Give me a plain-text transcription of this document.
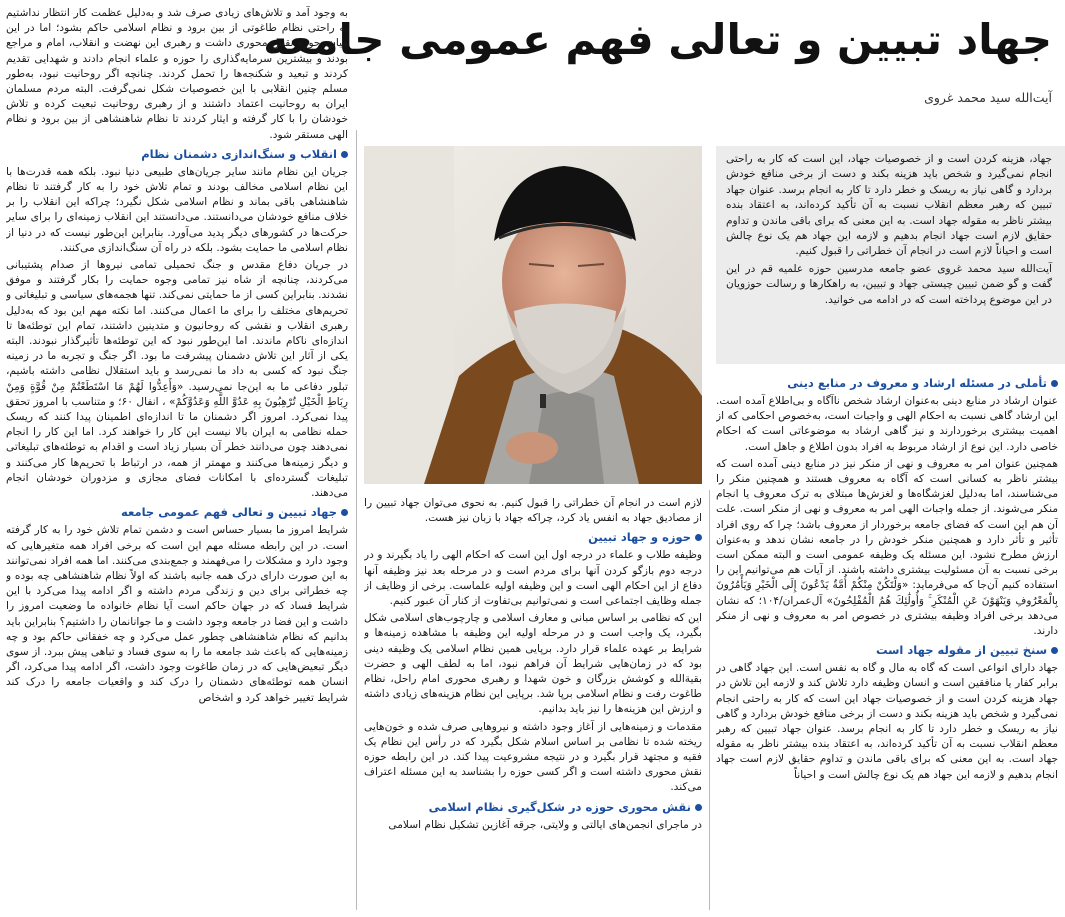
جهاد تبیین و تعالی فهم عمومی جامعه
آیت‌الله سید محمد غروی

به وجود آمد و تلاش‌های زیادی صرف شد و به‌دلیل عظمت کار انتظار نداشتیم به راحتی نظام طاغوتی از بین برود و نظام اسلامی حاکم بشود؛ اما در این میان، حوزه نقش محوری داشت و رهبری این نهضت و انقلاب، امام و مراجع بودند و بیشترین سرمایه‌گذاری را حوزه و علماء انجام دادند و شهدایی تقدیم کردند و تبعید و شکنجه‌ها را تحمل کردند. چنانچه اگر روحانیت نبود، به‌طور مسلم چنین انقلابی با این خصوصیات شکل نمی‌گرفت. البته مردم مسلمان ایران به روحانیت اعتماد داشتند و از رهبری روحانیت تبعیت کرده و تلاش خودشان را با کار گرفته و ایثار کردند تا نظام شاهنشاهی از بین برود و نظام الهی مستقر شود.

انقلاب و سنگ‌اندازی دشمنان نظام

جریان این نظام مانند سایر جریان‌های طبیعی دنیا نبود. بلکه همه قدرت‌ها با این نظام اسلامی مخالف بودند و تمام تلاش خود را به کار گرفتند تا نظام شاهنشاهی باقی بماند و نظام اسلامی شکل نگیرد؛ چراکه این انقلاب را بر خلاف منافع خودشان می‌دانستند. می‌دانستند این انقلاب زمینه‌ای را برای سایر حرکت‌ها در کشورهای دیگر پدید می‌آورد. بنابراین این‌طور نیست که در دنیا از نظام اسلامی ما حمایت بشود. بلکه در راه آن سنگ‌اندازی می‌کنند.

در جریان دفاع مقدس و جنگ تحمیلی تمامی نیروها از صدام پشتیبانی می‌کردند، چنانچه از شاه نیز تمامی وجوه حمایت را بکار گرفتند و موفق نشدند. بنابراین کسی از ما حمایتی نمی‌کند. تنها هجمه‌های سیاسی و تبلیغاتی و تحریم‌های مختلف را برای ما اعمال می‌کنند. اما نکته مهم این بود که به‌دلیل رهبری انقلاب و نقشی که روحانیون و متدینین داشتند، تمام این توطئه‌ها تا اندازه‌ای ناکام ماندند. اما این‌طور نبود که این توطئه‌ها تأثیرگذار نبودند. البته یکی از آثار این تلاش دشمنان پیشرفت ما بود. اگر جنگ و تجربه ما در زمینه جنگ نبود که کسی به داد ما نمی‌رسد و باید استقلال نظامی داشته باشیم، تبلور دفاعی ما به این‌جا نمی‌رسید. «وَأَعِدُّوا لَهُمْ مَا اسْتَطَعْتُمْ مِنْ قُوَّةٍ وَمِنْ رِبَاطِ الْخَيْلِ تُرْهِبُونَ بِهِ عَدُوَّ اللَّهِ وَعَدُوَّكُمْ» ، انفال ۶۰؛ و متناسب با امروز تحقق پیدا نمی‌کرد. امروز اگر دشمنان ما تا اندازه‌ای اطمینان پیدا کنند که ریسک حمله نظامی به ایران بالا نیست این کار را خواهند کرد. اما این کار را انجام نمی‌دهند چون می‌دانند خطر آن بسیار زیاد است و اقدام به توطئه‌های تبلیغاتی و دیگر زمینه‌ها می‌کنند و مهمتر از همه، در ارتباط با تحریم‌ها کار می‌کنند و تبلیغات گسترده‌ای با امکانات فضای مجازی و مزدوران خودشان انجام می‌دهند.

جهاد تبیین و تعالی فهم عمومی جامعه

شرایط امروز ما بسیار حساس است و دشمن تمام تلاش خود را به کار گرفته است. در این رابطه مسئله مهم این است که برخی افراد همه متغیرهایی که وجود دارد و مشکلات را می‌فهمند و جمع‌بندی می‌کنند. اما همه افراد نمی‌توانند به این صورت دارای درک همه جانبه باشند که اولاً نظام شاهنشاهی چه بوده و چه خطراتی برای دین و زندگی مردم داشته و اگر ادامه پیدا می‌کرد با این شرایط فساد که در جهان حاکم است آیا نظام خانواده ما وضعیت امروز را داشت و این فضا در جامعه وجود داشت و ما جوانانمان را داشتیم؟ بنابراین باید بدانیم که نظام شاهنشاهی چطور عمل می‌کرد و چه خفقانی حاکم بود و چه زمینه‌هایی که باعث شد جامعه ما را به سوی فساد و تباهی پیش ببرد. از سوی دیگر تبعیض‌هایی که در زمان طاغوت وجود داشت، اگر ادامه پیدا می‌کرد، اگر انسان همه توطئه‌های دشمنان را درک کند و واقعیات جامعه را درک کند شرایط تغییر خواهد کرد و اشخاص

جهاد، هزینه کردن است و از خصوصیات جهاد، این است که کار به راحتی انجام نمی‌گیرد و شخص باید هزینه بکند و دست از برخی منافع خودش بردارد و گاهی نیاز به ریسک و خطر دارد تا کار به انجام برسد. عنوان جهاد تبیین که رهبر معظم انقلاب نسبت به آن تأکید کرده‌اند، به اعتقاد بنده بیشتر ناظر به مقوله جهاد است. به این معنی که برای باقی ماندن و تداوم حقایق لازم است جهاد انجام بدهیم و لازمه این جهاد هم یک نوع چالش است و احیاناً لازم است در انجام آن خطراتی را قبول کنیم.

آیت‌الله سید محمد غروی عضو جامعه مدرسین حوزه علمیه قم در این گفت و گو ضمن تبیین چیستی جهاد و تبیین، به راهکارها و رسالت حوزویان در این موضوع پرداخته است که در ادامه می خوانید.

لازم است در انجام آن خطراتی را قبول کنیم. به نحوی می‌توان جهاد تبیین را از مصادیق جهاد به انفس یاد کرد، چراکه جهاد با زبان نیز هست.

حوزه و جهاد تبیین

وظیفه طلاب و علماء در درجه اول این است که احکام الهی را یاد بگیرند و در درجه دوم بازگو کردن آنها برای مردم است و در مرحله بعد نیز وظیفه آنها دفاع از این احکام الهی است و این وظیفه اولیه علماست. برخی از وظایف از جمله وظایف اجتماعی است و نمی‌توانیم بی‌تفاوت از کنار آن عبور کنیم.

این که نظامی بر اساس مبانی و معارف اسلامی و چارچوب‌های اسلامی شکل بگیرد، یک واجب است و در مرحله اولیه این وظیفه با مشاهده زمینه‌ها و شرایط بر عهده علماء قرار دارد. برپایی همین نظام اسلامی یک وظیفه دینی بود که در زمان‌هایی شرایط آن فراهم نبود، اما به لطف الهی و حضرت بقیة‌الله و کوشش بزرگان و خون شهدا و رهبری محوری امام راحل، نظام طاغوت رفت و نظام اسلامی برپا شد. برپایی این نظام هزینه‌های زیادی داشته و ارزش این هزینه‌ها را نیز باید بدانیم.

مقدمات و زمینه‌هایی از آغاز وجود داشته و نیروهایی صرف شده و خون‌هایی ریخته شده تا نظامی بر اساس اسلام شکل بگیرد که در رأس این نظام یک فقیه و مجتهد قرار بگیرد و در نتیجه مشروعیت پیدا کند. در این رابطه حوزه نقش محوری داشته است و اگر کسی حوزه را بشناسد به این مسئله اعتراف می‌کند.

نقش محوری حوزه در شکل‌گیری نظام اسلامی

در ماجرای انجمن‌های ایالتی و ولایتی، جرقه آغازین تشکیل نظام اسلامی

تأملی در مسئله ارشاد و معروف در منابع دینی

عنوان ارشاد در منابع دینی به‌عنوان ارشاد شخص ناآگاه و بی‌اطلاع آمده است. این ارشاد گاهی نسبت به احکام الهی و واجبات است، به‌خصوص احکامی که از اهمیت بیشتری برخوردارند و نیز گاهی ارشاد به موضوعاتی است که احکام خاصی دارد. این نوع از ارشاد مربوط به افراد بدون اطلاع و جاهل است.

همچنین عنوان امر به معروف و نهی از منکر نیز در منابع دینی آمده است که بیشتر ناظر به کسانی است که آگاه به معروف هستند و همچنین منکر را می‌شناسند، اما به‌دلیل لغزشگاه‌ها و لغزش‌ها مبتلای به ترک معروف یا انجام منکر می‌شوند. از جمله واجبات الهی امر به معروف و نهی از منکر است. علت آن هم این است که فضای جامعه برخوردار از معروف باشد؛ چرا که روی افراد تأثیر و تأثر دارد و همچنین منکر خودش را در جامعه نشان ندهد و به‌عنوان ارزش مطرح نشود. این مسئله یک وظیفه عمومی است و البته ممکن است برخی نسبت به آن مسئولیت بیشتری داشته باشند. از آیات هم می‌توانیم این را استفاده کنیم آن‌جا که می‌فرماید: «وَلْتَكُنْ مِنْكُمْ أُمَّةٌ يَدْعُونَ إِلَى الْخَيْرِ وَيَأْمُرُونَ بِالْمَعْرُوفِ وَيَنْهَوْنَ عَنِ الْمُنْكَرِ ۚ وَأُولَٰئِكَ هُمُ الْمُفْلِحُونَ» آل‌عمران/۱۰۴؛ که نشان می‌دهد برخی افراد وظیفه بیشتری در خصوص امر به معروف و نهی از منکر دارند.

سنخ تبیین از مقوله جهاد است

جهاد دارای انواعی است که گاه به مال و گاه به نفس است. این جهاد گاهی در برابر کفار یا منافقین است و انسان وظیفه دارد تلاش کند و لازمه این تلاش در جهاد هزینه کردن است و از خصوصیات جهاد این است که کار به راحتی انجام نمی‌گیرد و شخص باید هزینه بکند و دست از برخی منافع خودش بردارد و گاهی نیاز به ریسک و خطر دارد تا کار به انجام برسد. عنوان جهاد تبیین که رهبر معظم انقلاب نسبت به آن تأکید کرده‌اند، به اعتقاد بنده بیشتر ناظر به مقوله جهاد است. به این معنی که برای باقی ماندن و تداوم حقایق لازم است جهاد انجام بدهیم و لازمه این جهاد هم یک نوع چالش است و احیاناً
